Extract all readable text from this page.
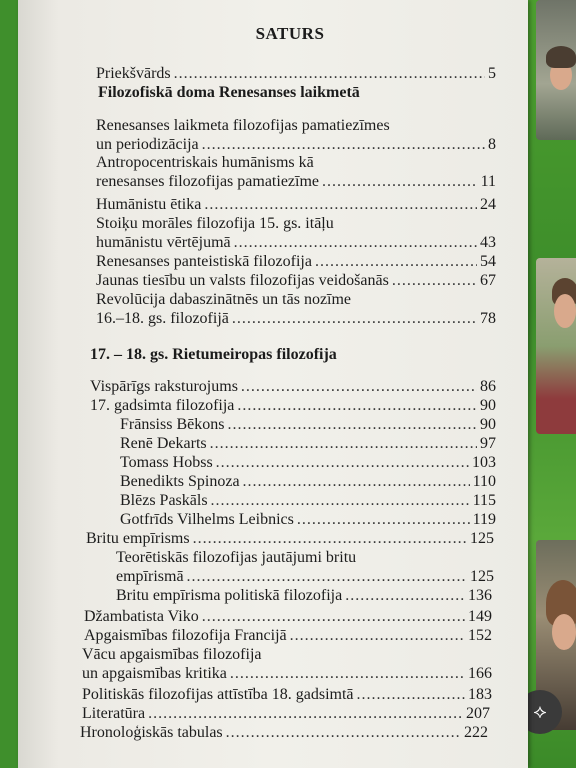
⟡
SATURS
Priekšvārds .....	5
Filozofiskā doma Renesanses laikmetā
Renesanses laikmeta filozofijas pamatiezīmes
un periodizācija .....	8
Antropocentriskais humānisms kā
renesanses filozofijas pamatiezīme .....	11
Humānistu ētika .....	24
Stoiķu morāles filozofija 15. gs. itāļu
humānistu vērtējumā .....	43
Renesanses panteistiskā filozofija .....	54
Jaunas tiesību un valsts filozofijas veidošanās .....	67
Revolūcija dabaszinātnēs un tās nozīme
16.–18. gs. filozofijā .....	78
17. – 18. gs. Rietumeiropas filozofija
Vispārīgs raksturojums .....	86
17. gadsimta filozofija .....	90
Frānsiss Bēkons .....	90
Renē Dekarts .....	97
Tomass Hobss .....	103
Benedikts Spinoza .....	110
Blēzs Paskāls .....	115
Gotfrīds Vilhelms Leibnics .....	119
Britu empīrisms .....	125
Teorētiskās filozofijas jautājumi britu
empīrismā .....	125
Britu empīrisma politiskā filozofija .....	136
Džambatista Viko .....	149
Apgaismības filozofija Francijā .....	152
Vācu apgaismības filozofija
un apgaismības kritika .....	166
Politiskās filozofijas attīstība 18. gadsimtā .....	183
Literatūra .....	207
Hronoloģiskās tabulas .....	222
